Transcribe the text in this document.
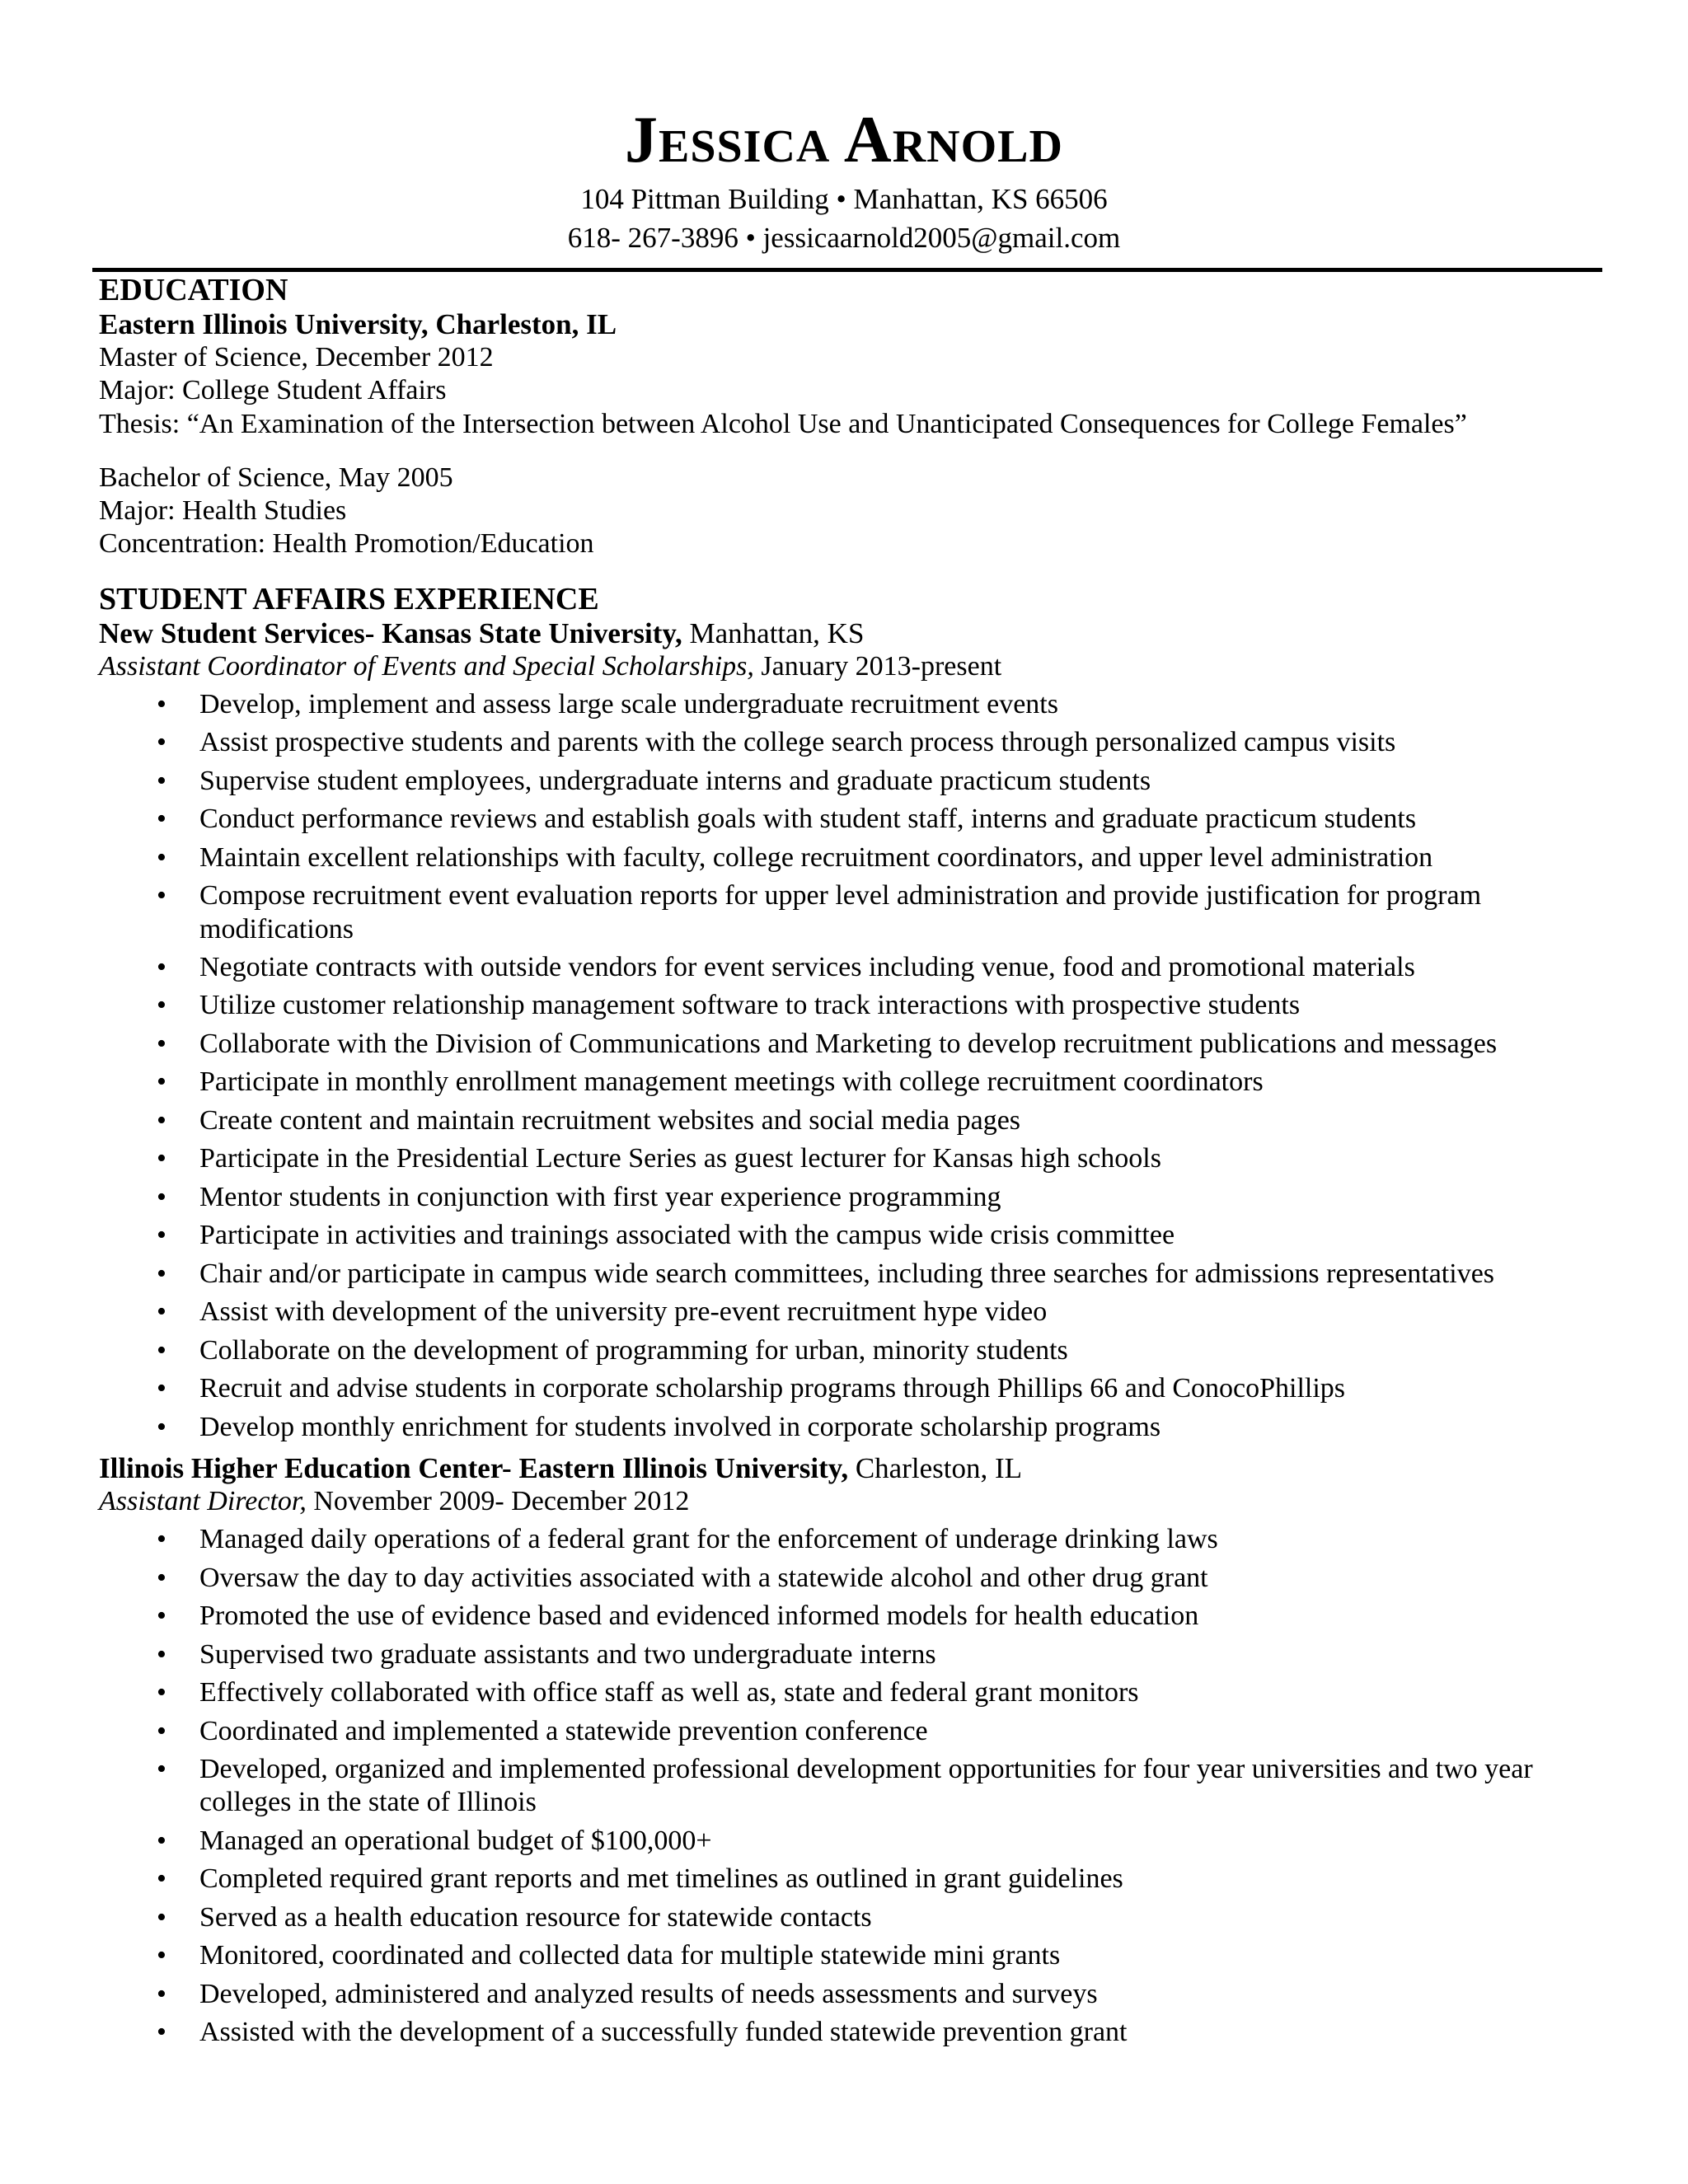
Jessica Arnold
104 Pittman Building • Manhattan, KS 66506
618- 267-3896 • jessicaarnold2005@gmail.com
EDUCATION
Eastern Illinois University, Charleston, IL
Master of Science, December 2012
Major: College Student Affairs
Thesis: “An Examination of the Intersection between Alcohol Use and Unanticipated Consequences for College Females”
Bachelor of Science, May 2005
Major: Health Studies
Concentration: Health Promotion/Education
STUDENT AFFAIRS EXPERIENCE
New Student Services- Kansas State University, Manhattan, KS
Assistant Coordinator of Events and Special Scholarships, January 2013-present
• Develop, implement and assess large scale undergraduate recruitment events
• Assist prospective students and parents with the college search process through personalized campus visits
• Supervise student employees, undergraduate interns and graduate practicum students
• Conduct performance reviews and establish goals with student staff, interns and graduate practicum students
• Maintain excellent relationships with faculty, college recruitment coordinators, and upper level administration
• Compose recruitment event evaluation reports for upper level administration and provide justification for program modifications
• Negotiate contracts with outside vendors for event services including venue, food and promotional materials
• Utilize customer relationship management software to track interactions with prospective students
• Collaborate with the Division of Communications and Marketing to develop recruitment publications and messages
• Participate in monthly enrollment management meetings with college recruitment coordinators
• Create content and maintain recruitment websites and social media pages
• Participate in the Presidential Lecture Series as guest lecturer for Kansas high schools
• Mentor students in conjunction with first year experience programming
• Participate in activities and trainings associated with the campus wide crisis committee
• Chair and/or participate in campus wide search committees, including three searches for admissions representatives
• Assist with development of the university pre-event recruitment hype video
• Collaborate on the development of programming for urban, minority students
• Recruit and advise students in corporate scholarship programs through Phillips 66 and ConocoPhillips
• Develop monthly enrichment for students involved in corporate scholarship programs
Illinois Higher Education Center- Eastern Illinois University, Charleston, IL
Assistant Director, November 2009- December 2012
• Managed daily operations of a federal grant for the enforcement of underage drinking laws
• Oversaw the day to day activities associated with a statewide alcohol and other drug grant
• Promoted the use of evidence based and evidenced informed models for health education
• Supervised two graduate assistants and two undergraduate interns
• Effectively collaborated with office staff as well as, state and federal grant monitors
• Coordinated and implemented a statewide prevention conference
• Developed, organized and implemented professional development opportunities for four year universities and two year colleges in the state of Illinois
• Managed an operational budget of $100,000+
• Completed required grant reports and met timelines as outlined in grant guidelines
• Served as a health education resource for statewide contacts
• Monitored, coordinated and collected data for multiple statewide mini grants
• Developed, administered and analyzed results of needs assessments and surveys
• Assisted with the development of a successfully funded statewide prevention grant
